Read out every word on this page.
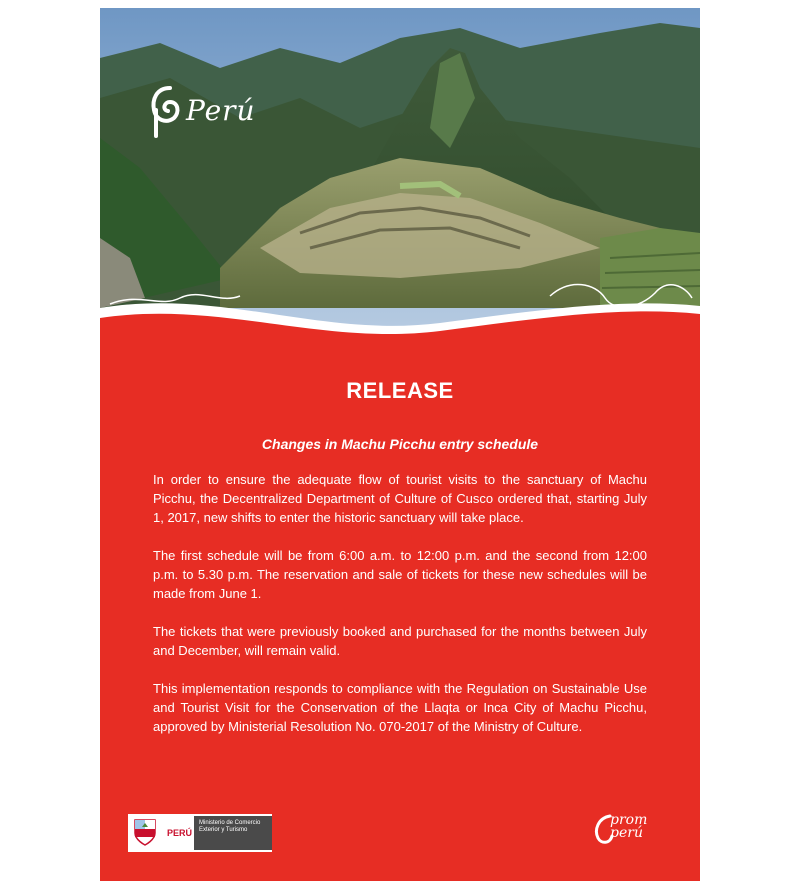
Perú
RELEASE
Changes in Machu Picchu entry schedule

In order to ensure the adequate flow of tourist visits to the sanctuary of Machu Picchu, the Decentralized Department of Culture of Cusco ordered that, starting July 1, 2017, new shifts to enter the historic sanctuary will take place.

The first schedule will be from 6:00 a.m. to 12:00 p.m. and the second from 12:00 p.m. to 5.30 p.m. The reservation and sale of tickets for these new schedules will be made from June 1.

The tickets that were previously booked and purchased for the months between July and December, will remain valid.

This implementation responds to compliance with the Regulation on Sustainable Use and Tourist Visit for the Conservation of the Llaqta or Inca City of Machu Picchu, approved by Ministerial Resolution No. 070-2017 of the Ministry of Culture.

PERÚ
Ministerio de Comercio Exterior y Turismo
prom perú
